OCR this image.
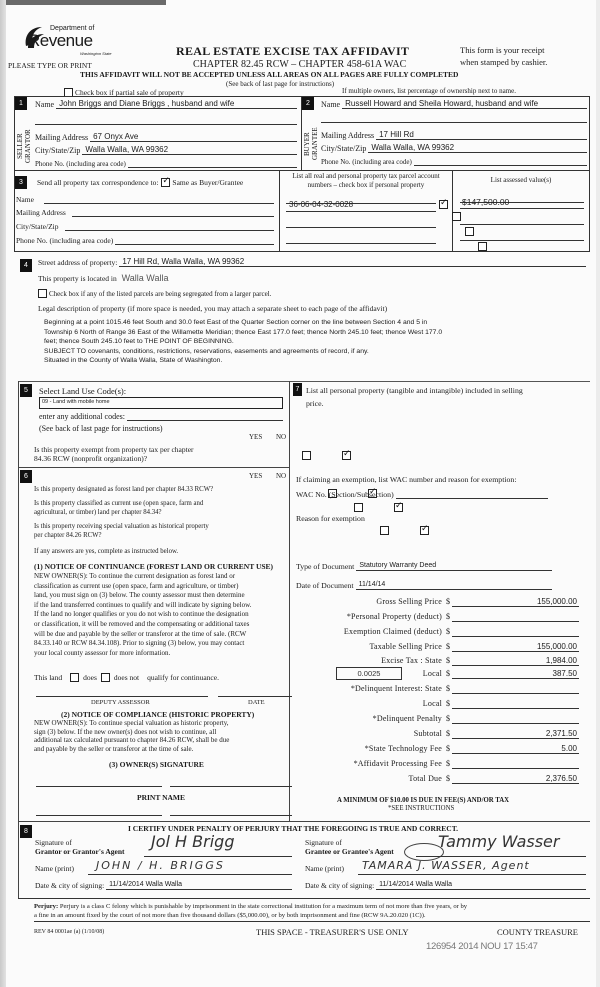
Department of
Revenue
Washington State
PLEASE TYPE OR PRINT
REAL ESTATE EXCISE TAX AFFIDAVIT
CHAPTER 82.45 RCW – CHAPTER 458-61A WAC
This form is your receipt
when stamped by cashier.
THIS AFFIDAVIT WILL NOT BE ACCEPTED UNLESS ALL AREAS ON ALL PAGES ARE FULLY COMPLETED
(See back of last page for instructions)
Check box if partial sale of property	If multiple owners, list percentage of ownership next to name.
1
SELLER
GRANTOR
Name John Briggs and Diane Briggs , husband and wife
Mailing Address 67 Onyx Ave
City/State/Zip Walla Walla, WA 99362
Phone No. (including area code)
2
BUYER
GRANTEE
Name Russell Howard and Sheila Howard, husband and wife
Mailing Address 17 Hill Rd
City/State/Zip Walla Walla, WA 99362
Phone No. (including area code)
3	Send all property tax correspondence to: ✓ Same as Buyer/Grantee
Name
Mailing Address
City/State/Zip
Phone No. (including area code)
List all real and personal property tax parcel account
numbers – check box if personal property
List assessed value(s)
36-06-04-32-0028 ✓	$147,500.00

4	Street address of property: 17 Hill Rd, Walla Walla, WA 99362
This property is located in Walla Walla
Check box if any of the listed parcels are being segregated from a larger parcel.
Legal description of property (if more space is needed, you may attach a separate sheet to each page of the affidavit)
Beginning at a point 1015.46 feet South and 30.0 feet East of the Quarter Section corner on the line between Section 4 and 5 in
Township 6 North of Range 36 East of the Willamette Meridian; thence East 177.0 feet; thence North 245.10 feet; thence West 177.0
feet; thence South 245.10 feet to THE POINT OF BEGINNING.
SUBJECT TO covenants, conditions, restrictions, reservations, easements and agreements of record, if any.
Situated in the County of Walla Walla, State of Washington.
5	Select Land Use Code(s):
09 - Land with mobile home
enter any additional codes:
(See back of last page for instructions)
YES NO
Is this property exempt from property tax per chapter
84.36 RCW (nonprofit organization)?
✓
6	YES NO
Is this property designated as forest land per chapter 84.33 RCW?
✓
Is this property classified as current use (open space, farm and
agricultural, or timber) land per chapter 84.34?
✓
Is this property receiving special valuation as historical property
per chapter 84.26 RCW?
✓
If any answers are yes, complete as instructed below.
(1) NOTICE OF CONTINUANCE (FOREST LAND OR CURRENT USE)
NEW OWNER(S): To continue the current designation as forest land or
classification as current use (open space, farm and agriculture, or timber)
land, you must sign on (3) below. The county assessor must then determine
if the land transferred continues to qualify and will indicate by signing below.
If the land no longer qualifies or you do not wish to continue the designation
or classification, it will be removed and the compensating or additional taxes
will be due and payable by the seller or transferor at the time of sale. (RCW
84.33.140 or RCW 84.34.108). Prior to signing (3) below, you may contact
your local county assessor for more information.
This land	does does not qualify for continuance.
DEPUTY ASSESSOR	DATE
(2) NOTICE OF COMPLIANCE (HISTORIC PROPERTY)
NEW OWNER(S): To continue special valuation as historic property,
sign (3) below. If the new owner(s) does not wish to continue, all
additional tax calculated pursuant to chapter 84.26 RCW, shall be due
and payable by the seller or transferor at the time of sale.
(3) OWNER(S) SIGNATURE
PRINT NAME
7 List all personal property (tangible and intangible) included in selling
price.
If claiming an exemption, list WAC number and reason for exemption:
WAC No. (Section/Subsection)
Reason for exemption
Type of Document Statutory Warranty Deed
Date of Document 11/14/14
Gross Selling Price $	155,000.00
*Personal Property (deduct) $
Exemption Claimed (deduct) $
Taxable Selling Price $	155,000.00
Excise Tax : State $	1,984.00
0.0025	Local $	387.50
*Delinquent Interest: State $
Local $
*Delinquent Penalty $
Subtotal $	2,371.50
*State Technology Fee $	5.00
*Affidavit Processing Fee $
Total Due $	2,376.50
A MINIMUM OF $10.00 IS DUE IN FEE(S) AND/OR TAX
*SEE INSTRUCTIONS
8	I CERTIFY UNDER PENALTY OF PERJURY THAT THE FOREGOING IS TRUE AND CORRECT.
Signature of
Grantor or Grantor's Agent
Jol H Brigg
Name (print) JOHN / H. BRIGGS
Date & city of signing: 11/14/2014 Walla Walla
Signature of
Grantee or Grantee's Agent
Tammy Wasser
Name (print) TAMARA J. WASSER, Agent
Date & city of signing: 11/14/2014 Walla Walla
Perjury: Perjury is a class C felony which is punishable by imprisonment in the state correctional institution for a maximum term of not more than five years, or by
a fine in an amount fixed by the court of not more than five thousand dollars ($5,000.00), or by both imprisonment and fine (RCW 9A.20.020 (1C)).
REV 84 0001ae (a) (1/10/08)	THIS SPACE - TREASURER'S USE ONLY	COUNTY TREASURE
126954 2014 NOU 17 15:47
